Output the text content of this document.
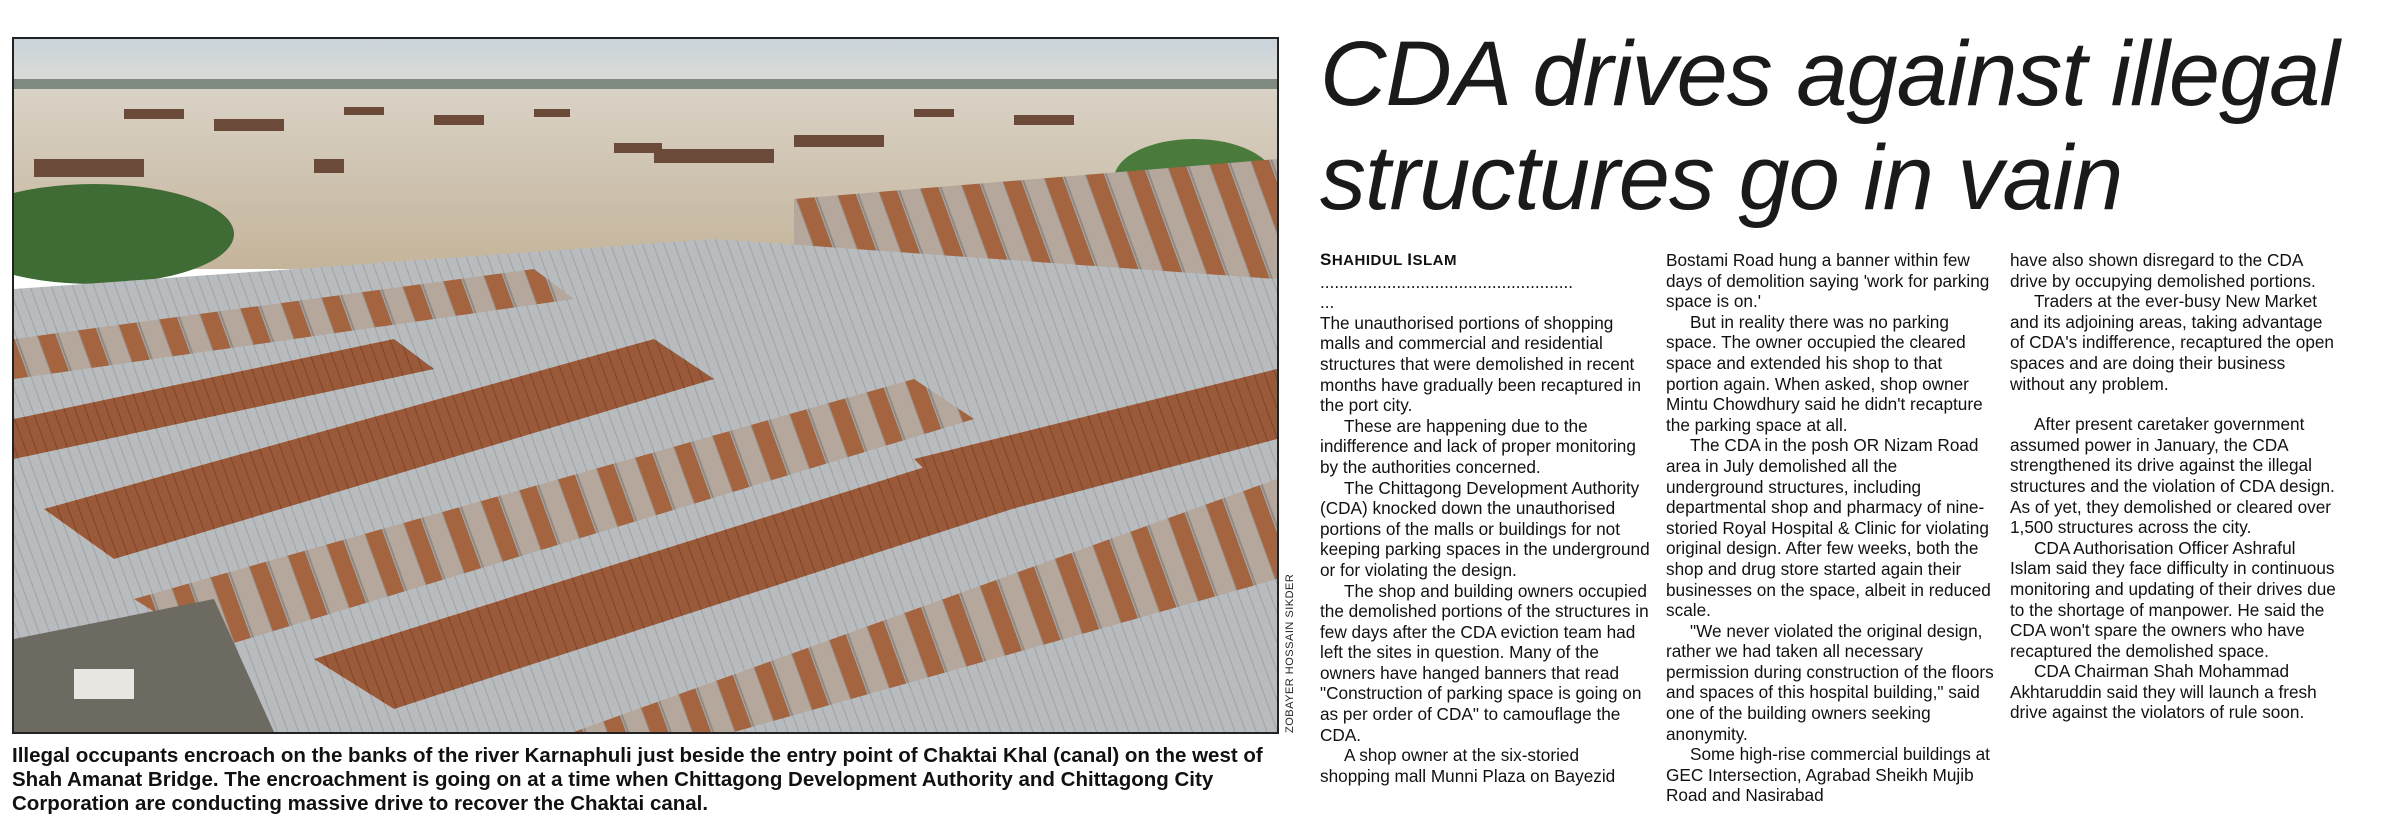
ZOBAYER HOSSAIN SIKDER
Illegal occupants encroach on the banks of the river Karnaphuli just beside the entry point of Chaktai Khal (canal) on the west of Shah Amanat Bridge. The encroachment is going on at a time when Chittagong Development Authority and Chittagong City Corporation are conducting massive drive to recover the Chaktai canal.
CDA drives against illegal
structures go in vain
SHAHIDUL ISLAM
.....................................................

...

The unauthorised portions of shopping malls and commercial and residential structures that were demolished in recent months have gradually been recaptured in the port city.

These are happening due to the indifference and lack of proper monitoring by the authorities concerned.

The Chittagong Development Authority (CDA) knocked down the unauthorised portions of the malls or buildings for not keeping parking spaces in the underground or for violating the design.

The shop and building owners occupied the demolished portions of the structures in few days after the CDA eviction team had left the sites in question. Many of the owners have hanged banners that read "Construction of parking space is going on as per order of CDA" to camouflage the CDA.

A shop owner at the six-storied shopping mall Munni Plaza on Bayezid

Bostami Road hung a banner within few days of demolition saying 'work for parking space is on.'

But in reality there was no parking space. The owner occupied the cleared space and extended his shop to that portion again. When asked, shop owner Mintu Chowdhury said he didn't recapture the parking space at all.

The CDA in the posh OR Nizam Road area in July demolished all the underground structures, including departmental shop and pharmacy of nine-storied Royal Hospital & Clinic for violating original design. After few weeks, both the shop and drug store started again their businesses on the space, albeit in reduced scale.

"We never violated the original design, rather we had taken all necessary permission during construction of the floors and spaces of this hospital building," said one of the building owners seeking anonymity.

Some high-rise commercial buildings at GEC Intersection, Agrabad Sheikh Mujib Road and Nasirabad

have also shown disregard to the CDA drive by occupying demolished portions.

Traders at the ever-busy New Market and its adjoining areas, taking advantage of CDA's indifference, recaptured the open spaces and are doing their business without any problem.

After present caretaker government assumed power in January, the CDA strengthened its drive against the illegal structures and the violation of CDA design. As of yet, they demolished or cleared over 1,500 structures across the city.

CDA Authorisation Officer Ashraful Islam said they face difficulty in continuous monitoring and updating of their drives due to the shortage of manpower. He said the CDA won't spare the owners who have recaptured the demolished space.

CDA Chairman Shah Mohammad Akhtaruddin said they will launch a fresh drive against the violators of rule soon.
